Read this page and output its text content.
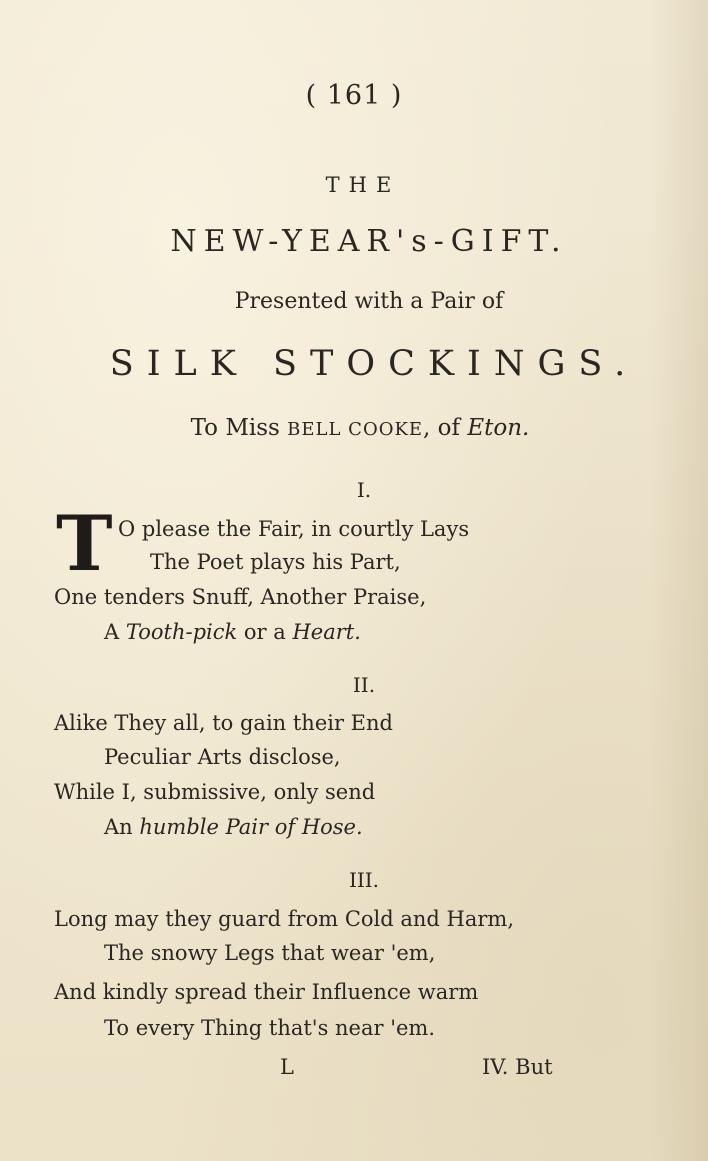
( 161 )
THE
NEW-YEAR's-GIFT.
Presented with a Pair of
SILK STOCKINGS.
To Miss BELL COOKE, of Eton.
I.
T O please the Fair, in courtly Lays
The Poet plays his Part,
One tenders Snuff, Another Praise,
A Tooth-pick or a Heart.
II.
Alike They all, to gain their End
Peculiar Arts disclose,
While I, submissive, only send
An humble Pair of Hose.
III.
Long may they guard from Cold and Harm,
The snowy Legs that wear 'em,
And kindly spread their Influence warm
To every Thing that's near 'em.
L	IV. But
